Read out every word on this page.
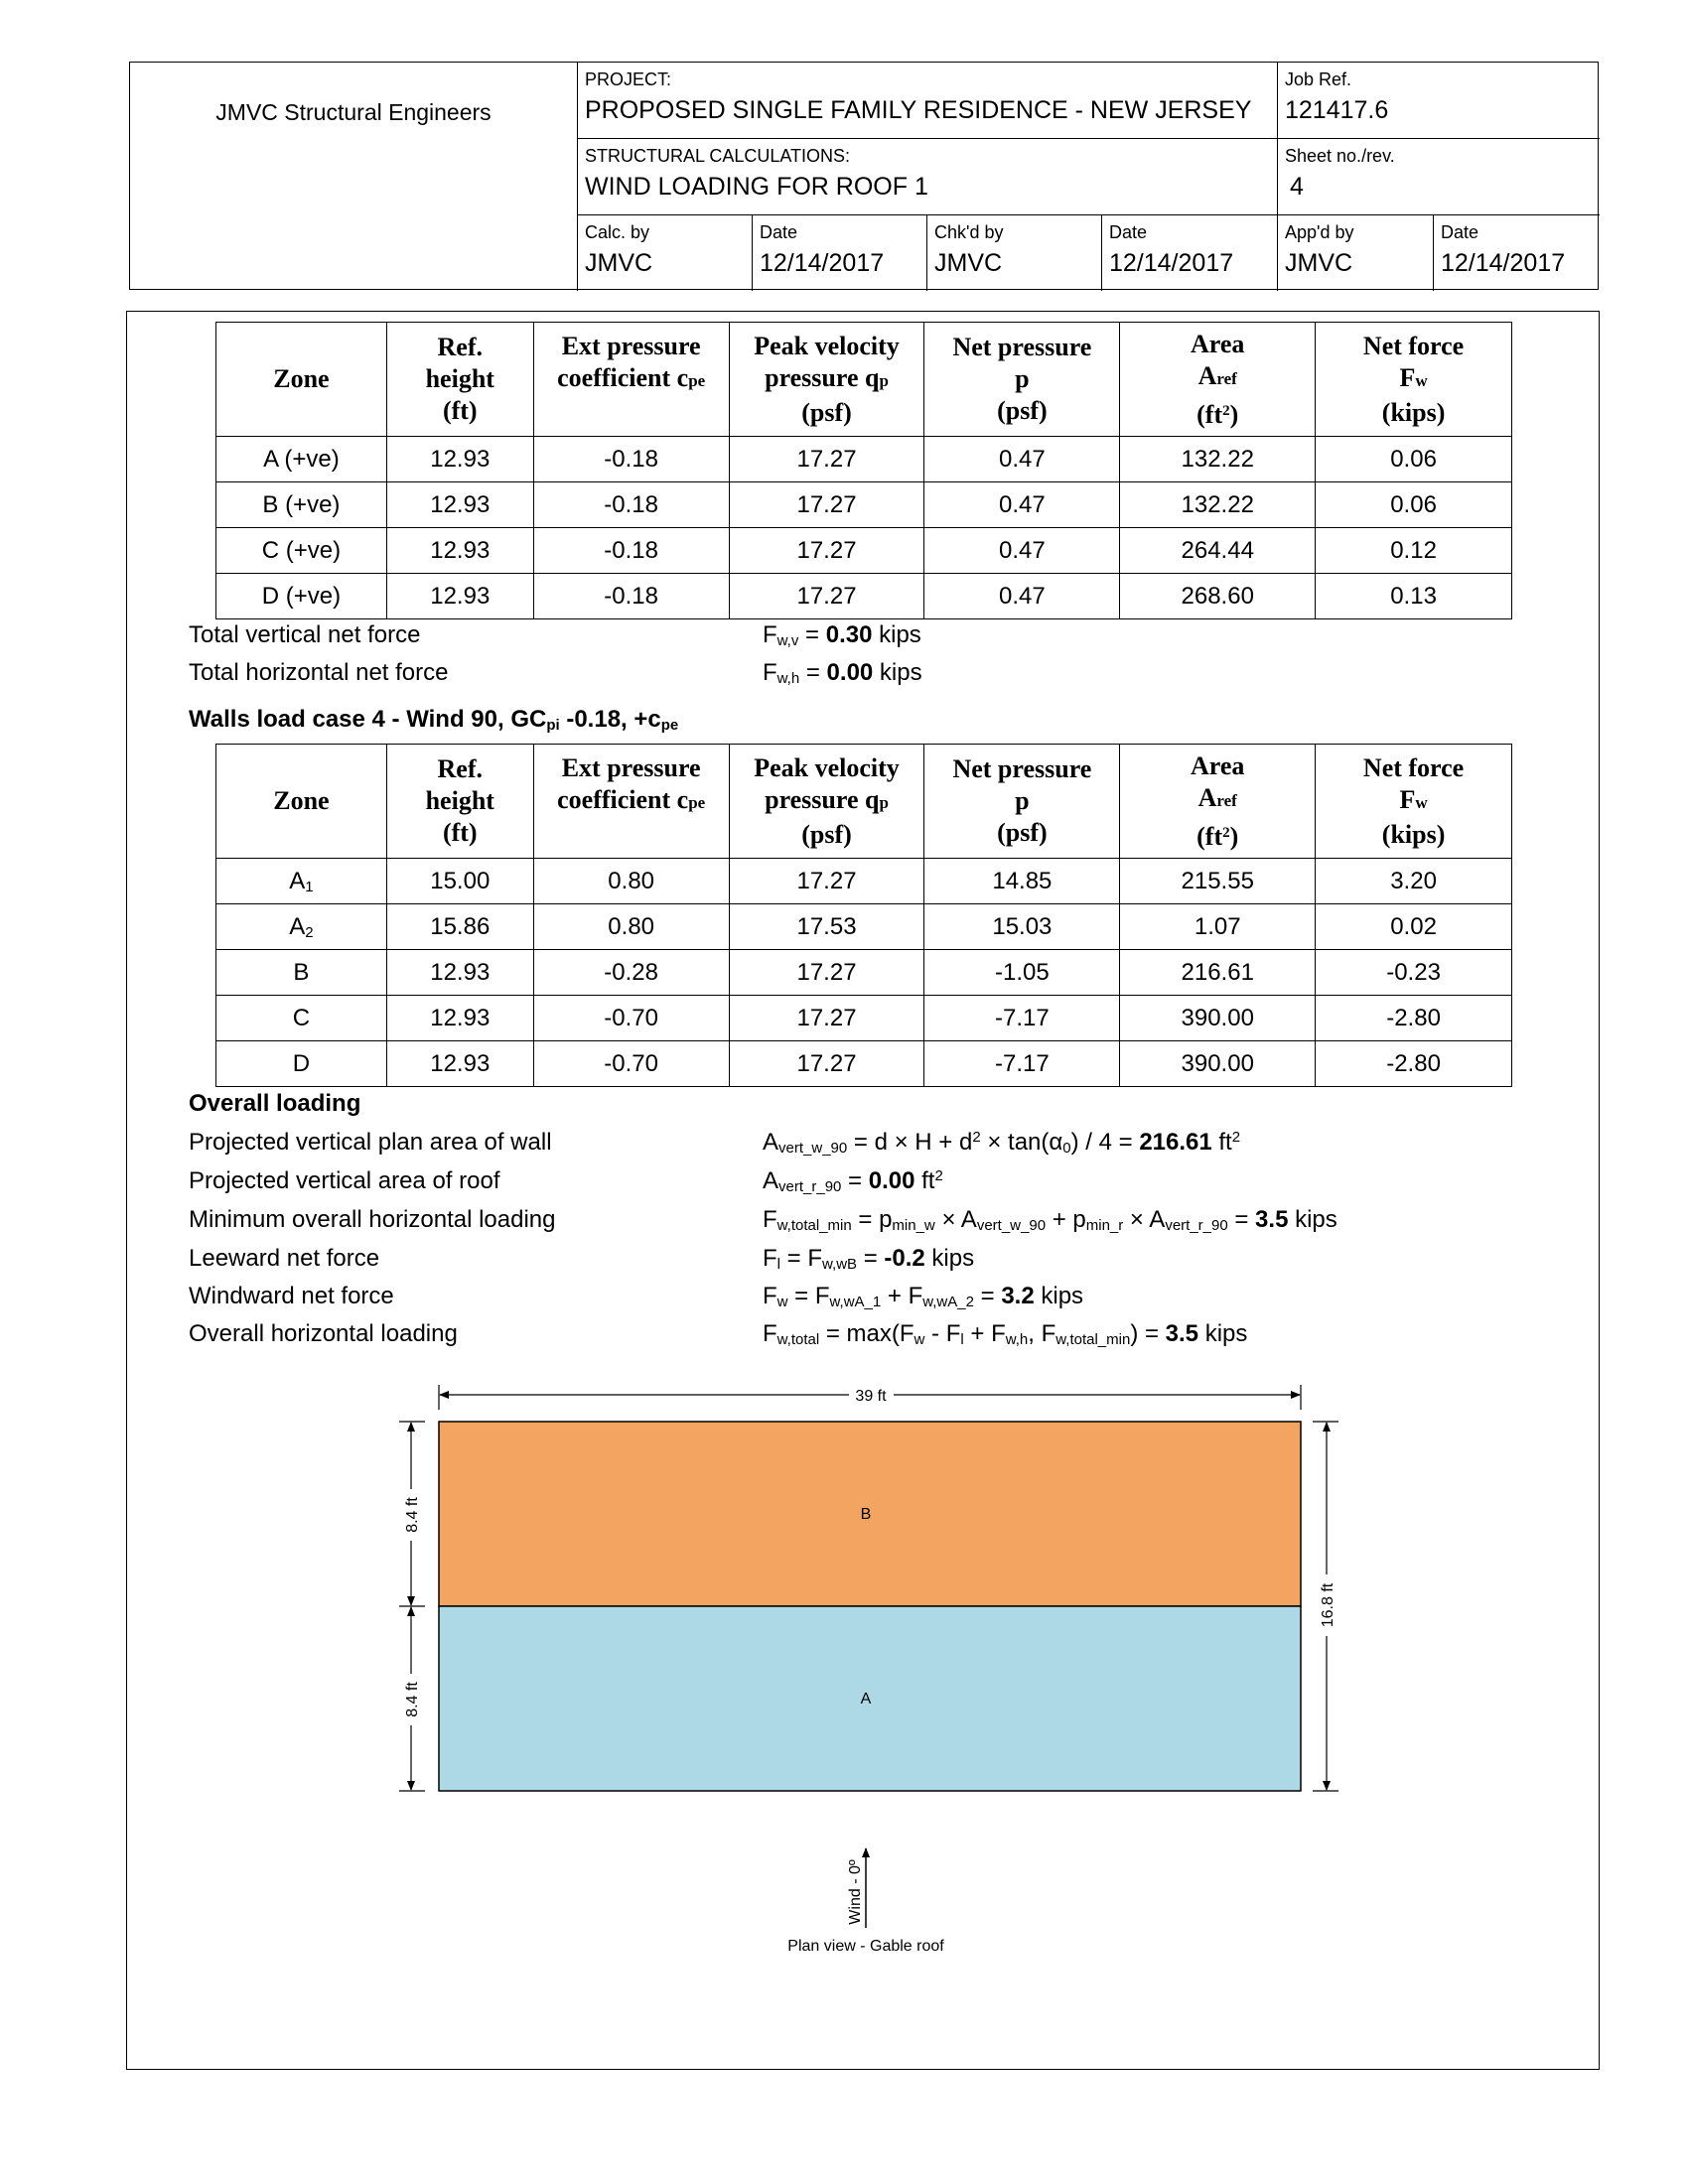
JMVC Structural Engineers
PROJECT:
PROPOSED SINGLE FAMILY RESIDENCE - NEW JERSEY
Job Ref.
121417.6
STRUCTURAL CALCULATIONS:
WIND LOADING FOR ROOF 1
Sheet no./rev.
4
Calc. by
JMVC
Date
12/14/2017
Chk'd by
JMVC
Date
12/14/2017
App'd by
JMVC
Date
12/14/2017
Zone	Ref.
height
(ft)	Ext pressure
coefficient cpe	Peak velocity
pressure qp
(psf)	Net pressure
p
(psf)	Area
Aref
$(ft^2)$	Net force
Fw
(kips)
A (+ve)	12.93	-0.18	17.27	0.47	132.22	0.06
B (+ve)	12.93	-0.18	17.27	0.47	132.22	0.06
C (+ve)	12.93	-0.18	17.27	0.47	264.44	0.12
D (+ve)	12.93	-0.18	17.27	0.47	268.60	0.13
Total vertical net force	$F_{w,v} = 0.30$ kips
Total horizontal net force	$F_{w,h} = 0.00$ kips
Walls load case 4 - Wind 90, $GC_{pi}$ -0.18, $+c_{pe}$
Zone	Ref.
height
(ft)	Ext pressure
coefficient cpe	Peak velocity
pressure qp
(psf)	Net pressure
p
(psf)	Area
Aref
$(ft^2)$	Net force
Fw
(kips)
$A_1$	15.00	0.80	17.27	14.85	215.55	3.20
$A_2$	15.86	0.80	17.53	15.03	1.07	0.02
B	12.93	-0.28	17.27	-1.05	216.61	-0.23
C	12.93	-0.70	17.27	-7.17	390.00	-2.80
D	12.93	-0.70	17.27	-7.17	390.00	-2.80
Overall loading
Projected vertical plan area of wall	$A_{vert\_w\_90} = d \times H + d^2 \times \tan(\alpha_0) / 4 = 216.61$ $ft^2$
Projected vertical area of roof	$A_{vert\_r\_90} = 0.00$ $ft^2$
Minimum overall horizontal loading	$F_{w,total\_min} = p_{min\_w} \times A_{vert\_w\_90} + p_{min\_r} \times A_{vert\_r\_90} = 3.5$ kips
Leeward net force	$F_l = F_{w,wB} = -0.2$ kips
Windward net force	$F_w = F_{w,wA\_1} + F_{w,wA\_2} = 3.2$ kips
Overall horizontal loading	$F_{w,total} = \max(F_w - F_l + F_{w,h}$, $F_{w,total\_min}) = 3.5$ kips
39 ft
B
A
8.4 ft
8.4 ft
16.8 ft
Wind - 0º
Plan view - Gable roof
